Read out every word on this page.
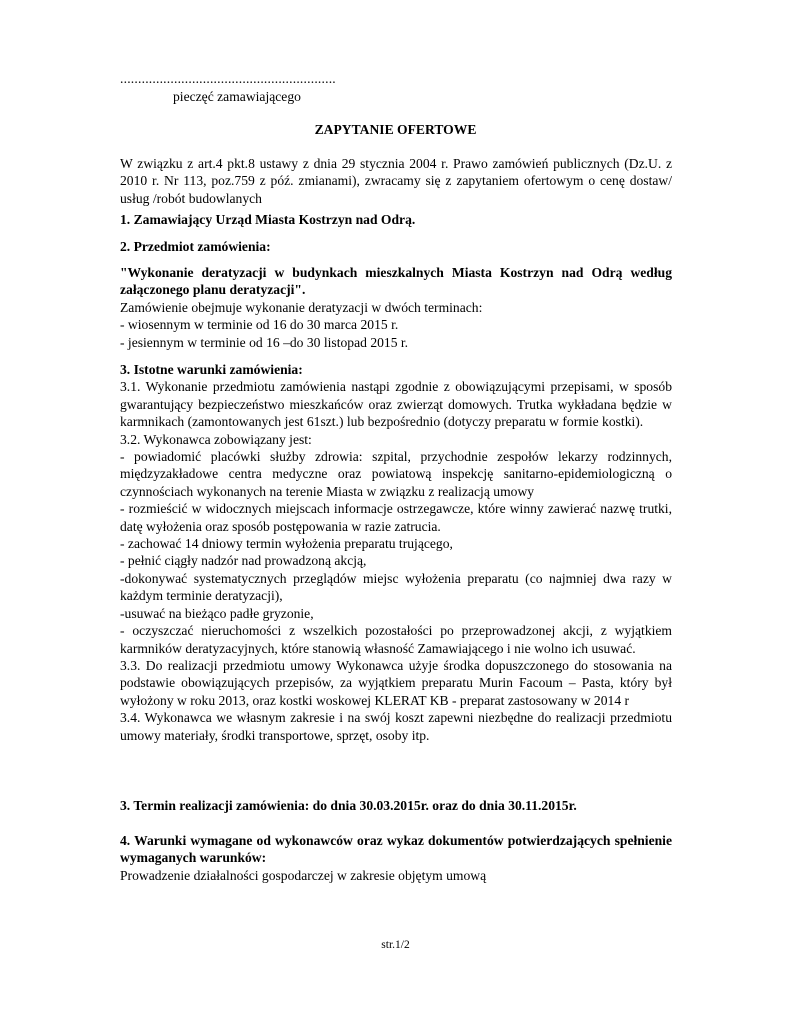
............................................................
pieczęć zamawiającego
ZAPYTANIE OFERTOWE
W związku z art.4 pkt.8 ustawy z dnia 29 stycznia 2004 r. Prawo zamówień publicznych (Dz.U. z 2010 r. Nr 113, poz.759 z póź. zmianami), zwracamy się z zapytaniem ofertowym o cenę dostaw/ usług /robót budowlanych
1. Zamawiający Urząd Miasta Kostrzyn nad Odrą.
2. Przedmiot zamówienia:
"Wykonanie deratyzacji w budynkach mieszkalnych Miasta Kostrzyn nad Odrą według załączonego planu deratyzacji".
Zamówienie obejmuje wykonanie deratyzacji w dwóch terminach:
- wiosennym w terminie od 16 do 30 marca 2015 r.
- jesiennym w terminie od 16 –do 30 listopad 2015 r.
3. Istotne warunki zamówienia:
3.1. Wykonanie przedmiotu zamówienia nastąpi zgodnie z obowiązującymi przepisami, w sposób gwarantujący bezpieczeństwo mieszkańców oraz zwierząt domowych. Trutka wykładana będzie w karmnikach (zamontowanych jest 61szt.) lub bezpośrednio (dotyczy preparatu w formie kostki).
3.2. Wykonawca zobowiązany jest:
- powiadomić placówki służby zdrowia: szpital, przychodnie zespołów lekarzy rodzinnych, międzyzakładowe centra medyczne oraz powiatową inspekcję sanitarno-epidemiologiczną o czynnościach wykonanych na terenie Miasta w związku z realizacją umowy
- rozmieścić w widocznych miejscach informacje ostrzegawcze, które winny zawierać nazwę trutki, datę wyłożenia oraz sposób postępowania w razie zatrucia.
- zachować 14 dniowy termin wyłożenia preparatu trującego,
- pełnić ciągły nadzór nad prowadzoną akcją,
-dokonywać systematycznych przeglądów miejsc wyłożenia preparatu (co najmniej dwa razy w każdym terminie deratyzacji),
-usuwać na bieżąco padłe gryzonie,
- oczyszczać nieruchomości z wszelkich pozostałości po przeprowadzonej akcji, z wyjątkiem karmników deratyzacyjnych, które stanowią własność Zamawiającego i nie wolno ich usuwać.
3.3. Do realizacji przedmiotu umowy Wykonawca użyje środka dopuszczonego do stosowania na podstawie obowiązujących przepisów, za wyjątkiem preparatu Murin Facoum – Pasta, który był wyłożony w roku 2013, oraz kostki woskowej KLERAT KB - preparat zastosowany w 2014 r
3.4. Wykonawca we własnym zakresie i na swój koszt zapewni niezbędne do realizacji przedmiotu umowy materiały, środki transportowe, sprzęt, osoby itp.
3. Termin realizacji zamówienia: do dnia 30.03.2015r. oraz do dnia 30.11.2015r.
4. Warunki wymagane od wykonawców oraz wykaz dokumentów potwierdzających spełnienie wymaganych warunków:
Prowadzenie działalności gospodarczej w zakresie objętym umową
str.1/2
